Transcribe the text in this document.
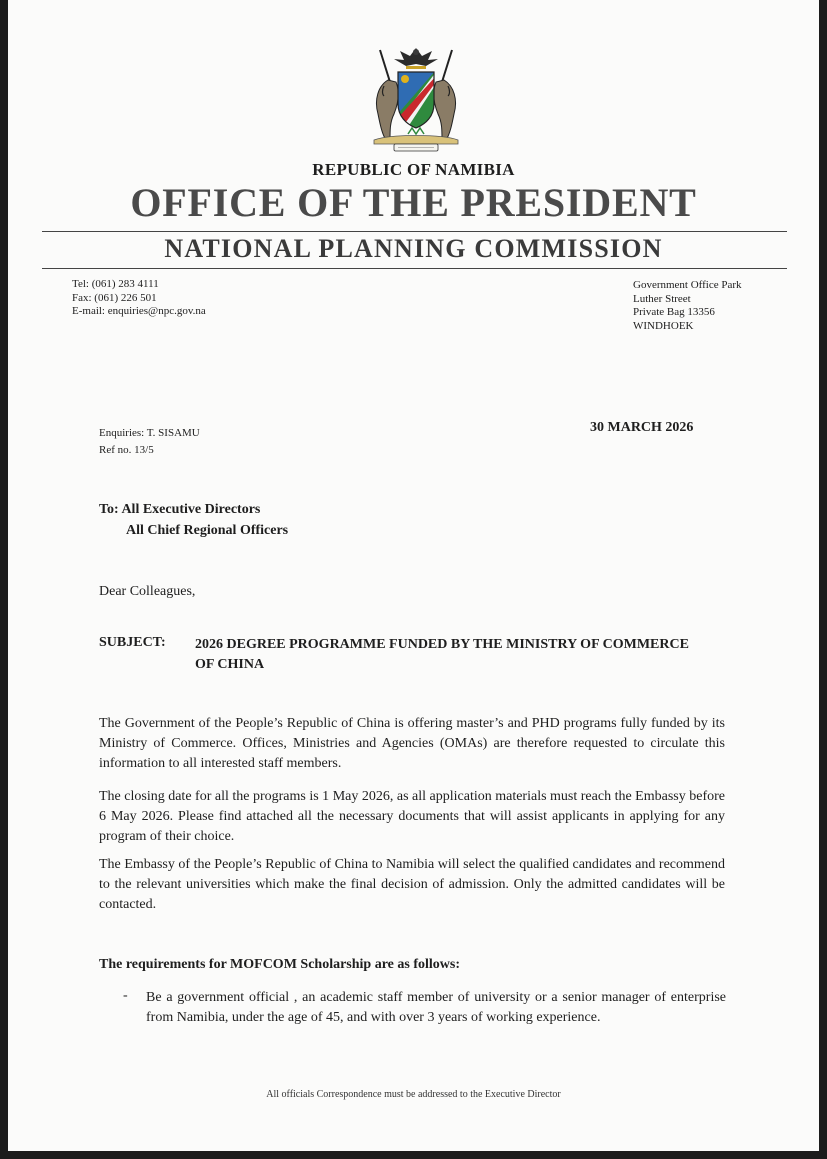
REPUBLIC OF NAMIBIA
OFFICE OF THE PRESIDENT
NATIONAL PLANNING COMMISSION
Tel: (061) 283 4111
Fax: (061) 226 501
E-mail: enquiries@npc.gov.na
Government Office Park
Luther Street
Private Bag 13356
WINDHOEK
Enquiries: T. SISAMU
Ref no. 13/5
30 MARCH 2026
To: All Executive Directors
All Chief Regional Officers
Dear Colleagues,
SUBJECT: 2026 DEGREE PROGRAMME FUNDED BY THE MINISTRY OF COMMERCE OF CHINA
The Government of the People’s Republic of China is offering master’s and PHD programs fully funded by its Ministry of Commerce. Offices, Ministries and Agencies (OMAs) are therefore requested to circulate this information to all interested staff members.
The closing date for all the programs is 1 May 2026, as all application materials must reach the Embassy before 6 May 2026. Please find attached all the necessary documents that will assist applicants in applying for any program of their choice.
The Embassy of the People’s Republic of China to Namibia will select the qualified candidates and recommend to the relevant universities which make the final decision of admission. Only the admitted candidates will be contacted.
The requirements for MOFCOM Scholarship are as follows:
- Be a government official , an academic staff member of university or a senior manager of enterprise from Namibia, under the age of 45, and with over 3 years of working experience.
All officials Correspondence must be addressed to the Executive Director
